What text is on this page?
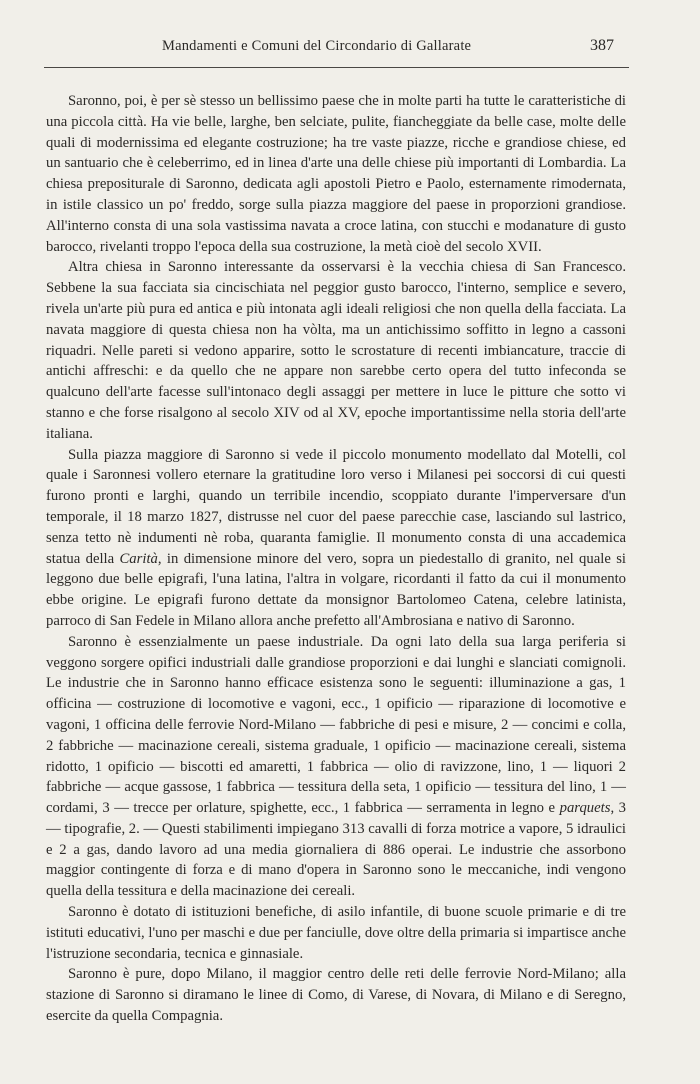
Mandamenti e Comuni del Circondario di Gallarate	387

Saronno, poi, è per sè stesso un bellissimo paese che in molte parti ha tutte le caratteristiche di una piccola città. Ha vie belle, larghe, ben selciate, pulite, fiancheggiate da belle case, molte delle quali di modernissima ed elegante costruzione; ha tre vaste piazze, ricche e grandiose chiese, ed un santuario che è celeberrimo, ed in linea d'arte una delle chiese più importanti di Lombardia. La chiesa prepositurale di Saronno, dedicata agli apostoli Pietro e Paolo, esternamente rimodernata, in istile classico un po' freddo, sorge sulla piazza maggiore del paese in proporzioni grandiose. All'interno consta di una sola vastissima navata a croce latina, con stucchi e modanature di gusto barocco, rivelanti troppo l'epoca della sua costruzione, la metà cioè del secolo XVII.

Altra chiesa in Saronno interessante da osservarsi è la vecchia chiesa di San Francesco. Sebbene la sua facciata sia cincischiata nel peggior gusto barocco, l'interno, semplice e severo, rivela un'arte più pura ed antica e più intonata agli ideali religiosi che non quella della facciata. La navata maggiore di questa chiesa non ha vòlta, ma un antichissimo soffitto in legno a cassoni riquadri. Nelle pareti si vedono apparire, sotto le scrostature di recenti imbiancature, traccie di antichi affreschi: e da quello che ne appare non sarebbe certo opera del tutto infeconda se qualcuno dell'arte facesse sull'intonaco degli assaggi per mettere in luce le pitture che sotto vi stanno e che forse risalgono al secolo XIV od al XV, epoche importantissime nella storia dell'arte italiana.

Sulla piazza maggiore di Saronno si vede il piccolo monumento modellato dal Motelli, col quale i Saronnesi vollero eternare la gratitudine loro verso i Milanesi pei soccorsi di cui questi furono pronti e larghi, quando un terribile incendio, scoppiato durante l'imperversare d'un temporale, il 18 marzo 1827, distrusse nel cuor del paese parecchie case, lasciando sul lastrico, senza tetto nè indumenti nè roba, quaranta famiglie. Il monumento consta di una accademica statua della Carità, in dimensione minore del vero, sopra un piedestallo di granito, nel quale si leggono due belle epigrafi, l'una latina, l'altra in volgare, ricordanti il fatto da cui il monumento ebbe origine. Le epigrafi furono dettate da monsignor Bartolomeo Catena, celebre latinista, parroco di San Fedele in Milano allora anche prefetto all'Ambrosiana e nativo di Saronno.

Saronno è essenzialmente un paese industriale. Da ogni lato della sua larga periferia si veggono sorgere opifici industriali dalle grandiose proporzioni e dai lunghi e slanciati comignoli. Le industrie che in Saronno hanno efficace esistenza sono le seguenti: illuminazione a gas, 1 officina — costruzione di locomotive e vagoni, ecc., 1 opificio — riparazione di locomotive e vagoni, 1 officina delle ferrovie Nord-Milano — fabbriche di pesi e misure, 2 — concimi e colla, 2 fabbriche — macinazione cereali, sistema graduale, 1 opificio — macinazione cereali, sistema ridotto, 1 opificio — biscotti ed amaretti, 1 fabbrica — olio di ravizzone, lino, 1 — liquori 2 fabbriche — acque gassose, 1 fabbrica — tessitura della seta, 1 opificio — tessitura del lino, 1 — cordami, 3 — trecce per orlature, spighette, ecc., 1 fabbrica — serramenta in legno e parquets, 3 — tipografie, 2. — Questi stabilimenti impiegano 313 cavalli di forza motrice a vapore, 5 idraulici e 2 a gas, dando lavoro ad una media giornaliera di 886 operai. Le industrie che assorbono maggior contingente di forza e di mano d'opera in Saronno sono le meccaniche, indi vengono quella della tessitura e della macinazione dei cereali.

Saronno è dotato di istituzioni benefiche, di asilo infantile, di buone scuole primarie e di tre istituti educativi, l'uno per maschi e due per fanciulle, dove oltre della primaria si impartisce anche l'istruzione secondaria, tecnica e ginnasiale.

Saronno è pure, dopo Milano, il maggior centro delle reti delle ferrovie Nord-Milano; alla stazione di Saronno si diramano le linee di Como, di Varese, di Novara, di Milano e di Seregno, esercite da quella Compagnia.
